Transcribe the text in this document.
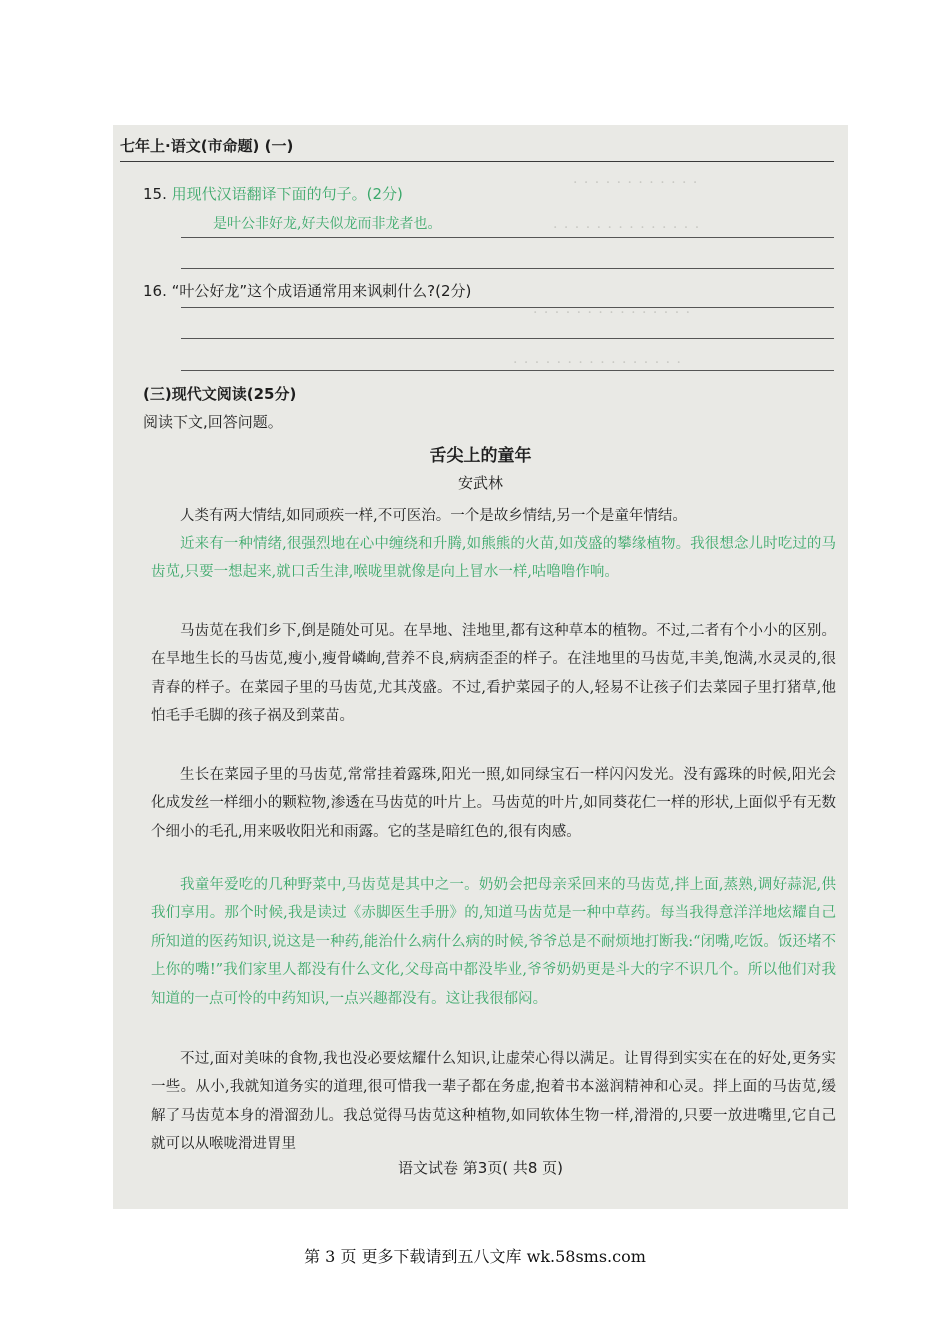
· · · · · · · · · · · ·
· · · · · · · · · · · · · ·
· · · · · · · · · · · · · · ·
· · · · · · · · · · · · · · · ·
七年上·语文(市命题) (一)
15. 用现代汉语翻译下面的句子。(2分)
是叶公非好龙,好夫似龙而非龙者也。
16. “叶公好龙”这个成语通常用来讽刺什么?(2分)
(三)现代文阅读(25分)
阅读下文,回答问题。
舌尖上的童年
安武林

人类有两大情结,如同顽疾一样,不可医治。一个是故乡情结,另一个是童年情结。

近来有一种情绪,很强烈地在心中缠绕和升腾,如熊熊的火苗,如茂盛的攀缘植物。我很想念儿时吃过的马齿苋,只要一想起来,就口舌生津,喉咙里就像是向上冒水一样,咕噜噜作响。

马齿苋在我们乡下,倒是随处可见。在旱地、洼地里,都有这种草本的植物。不过,二者有个小小的区别。在旱地生长的马齿苋,瘦小,瘦骨嶙峋,营养不良,病病歪歪的样子。在洼地里的马齿苋,丰美,饱满,水灵灵的,很青春的样子。在菜园子里的马齿苋,尤其茂盛。不过,看护菜园子的人,轻易不让孩子们去菜园子里打猪草,他怕毛手毛脚的孩子祸及到菜苗。

生长在菜园子里的马齿苋,常常挂着露珠,阳光一照,如同绿宝石一样闪闪发光。没有露珠的时候,阳光会化成发丝一样细小的颗粒物,渗透在马齿苋的叶片上。马齿苋的叶片,如同葵花仁一样的形状,上面似乎有无数个细小的毛孔,用来吸收阳光和雨露。它的茎是暗红色的,很有肉感。

我童年爱吃的几种野菜中,马齿苋是其中之一。奶奶会把母亲采回来的马齿苋,拌上面,蒸熟,调好蒜泥,供我们享用。那个时候,我是读过《赤脚医生手册》的,知道马齿苋是一种中草药。每当我得意洋洋地炫耀自己所知道的医药知识,说这是一种药,能治什么病什么病的时候,爷爷总是不耐烦地打断我:“闭嘴,吃饭。饭还堵不上你的嘴!”我们家里人都没有什么文化,父母高中都没毕业,爷爷奶奶更是斗大的字不识几个。所以他们对我知道的一点可怜的中药知识,一点兴趣都没有。这让我很郁闷。

不过,面对美味的食物,我也没必要炫耀什么知识,让虚荣心得以满足。让胃得到实实在在的好处,更务实一些。从小,我就知道务实的道理,很可惜我一辈子都在务虚,抱着书本滋润精神和心灵。拌上面的马齿苋,缓解了马齿苋本身的滑溜劲儿。我总觉得马齿苋这种植物,如同软体生物一样,滑滑的,只要一放进嘴里,它自己就可以从喉咙滑进胃里

语文试卷 第3页( 共8 页)
第 3 页 更多下载请到五八文库 wk.58sms.com
